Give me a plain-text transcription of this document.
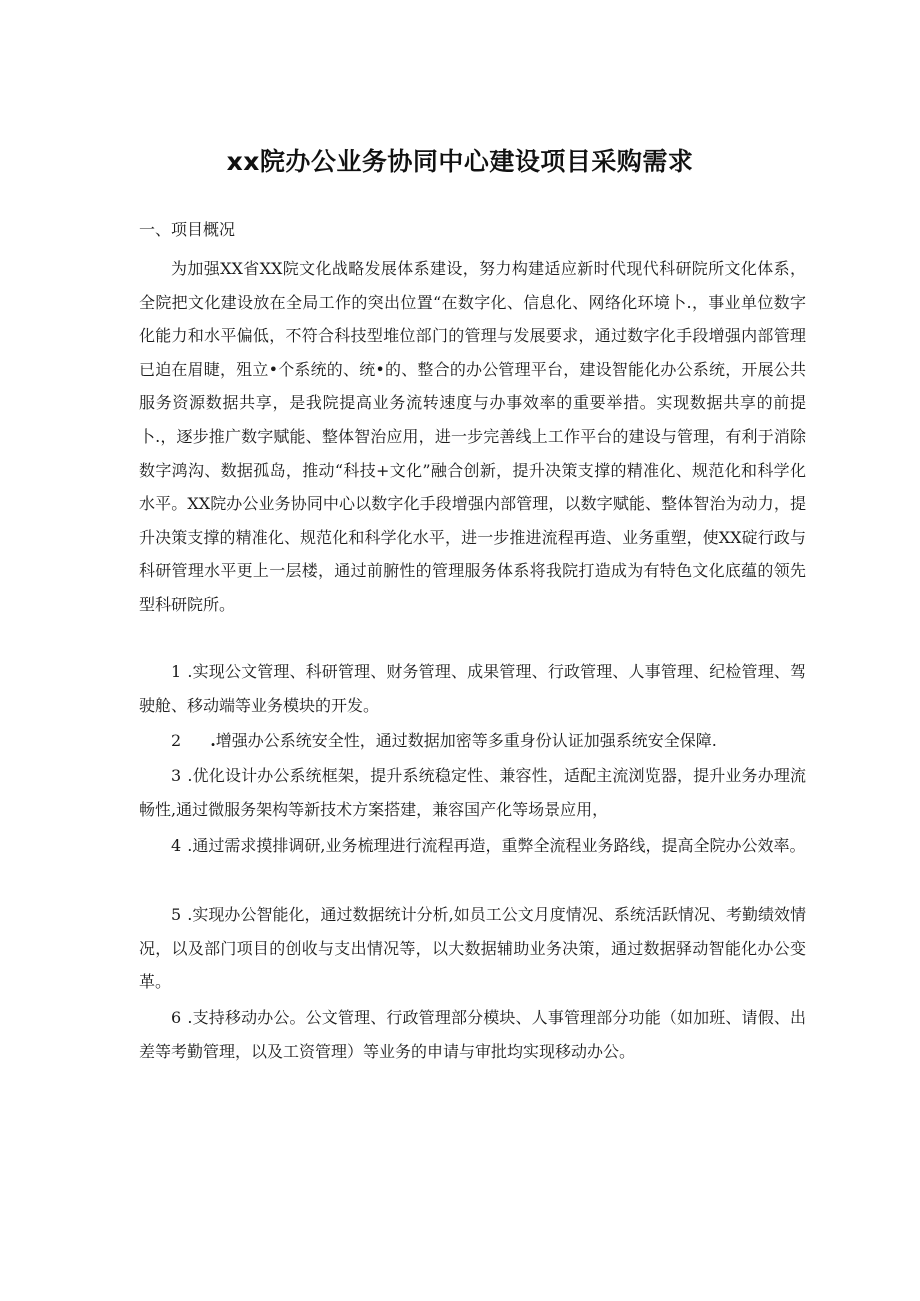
xx院办公业务协同中心建设项目采购需求
一、项目概况
为加强XX省XX院文化战略发展体系建设，努力构建适应新时代现代科研院所文化体系，全院把文化建设放在全局工作的突出位置“在数字化、信息化、网络化环境卜.，事业单位数字化能力和水平偏低，不符合科技型堆位部门的管理与发展要求，通过数字化手段增强内部管理已迫在眉睫，殂立•个系统的、统•的、整合的办公管理平台，建设智能化办公系统，开展公共服务资源数据共享，是我院提高业务流转速度与办事效率的重要举措。实现数据共享的前提卜.，逐步推广数字赋能、整体智治应用，进一步完善线上工作平台的建设与管理，有利于消除数字鸿沟、数据孤岛，推动“科技+文化”融合创新，提升决策支撑的精准化、规范化和科学化水平。XX院办公业务协同中心以数字化手段增强内部管理，以数字赋能、整体智治为动力，提升决策支撑的精准化、规范化和科学化水平，进一步推进流程再造、业务重塑，使XX碇行政与科研管理水平更上一层楼，通过前腑性的管理服务体系将我院打造成为有特色文化底蕴的领先型科研院所。
1 .实现公文管理、科研管理、财务管理、成果管理、行政管理、人事管理、纪检管理、驾驶舱、移动端等业务模块的开发。
2 .增强办公系统安全性，通过数据加密等多重身份认证加强系统安全保障.
3 .优化设计办公系统框架，提升系统稳定性、兼容性，适配主流浏览器，提升业务办理流畅性,通过微服务架构等新技术方案搭建，兼容国产化等场景应用，
4 .通过需求摸排调研,业务梳理进行流程再造，重弊全流程业务路线，提高全院办公效率。
5 .实现办公智能化，通过数据统计分析,如员工公文月度情况、系统活跃情况、考勤绩效情况，以及部门项目的创收与支出情况等，以大数据辅助业务决策，通过数据驿动智能化办公变革。
6 .支持移动办公。公文管理、行政管理部分模块、人事管理部分功能（如加班、请假、出差等考勤管理，以及工资管理）等业务的申请与审批均实现移动办公。
